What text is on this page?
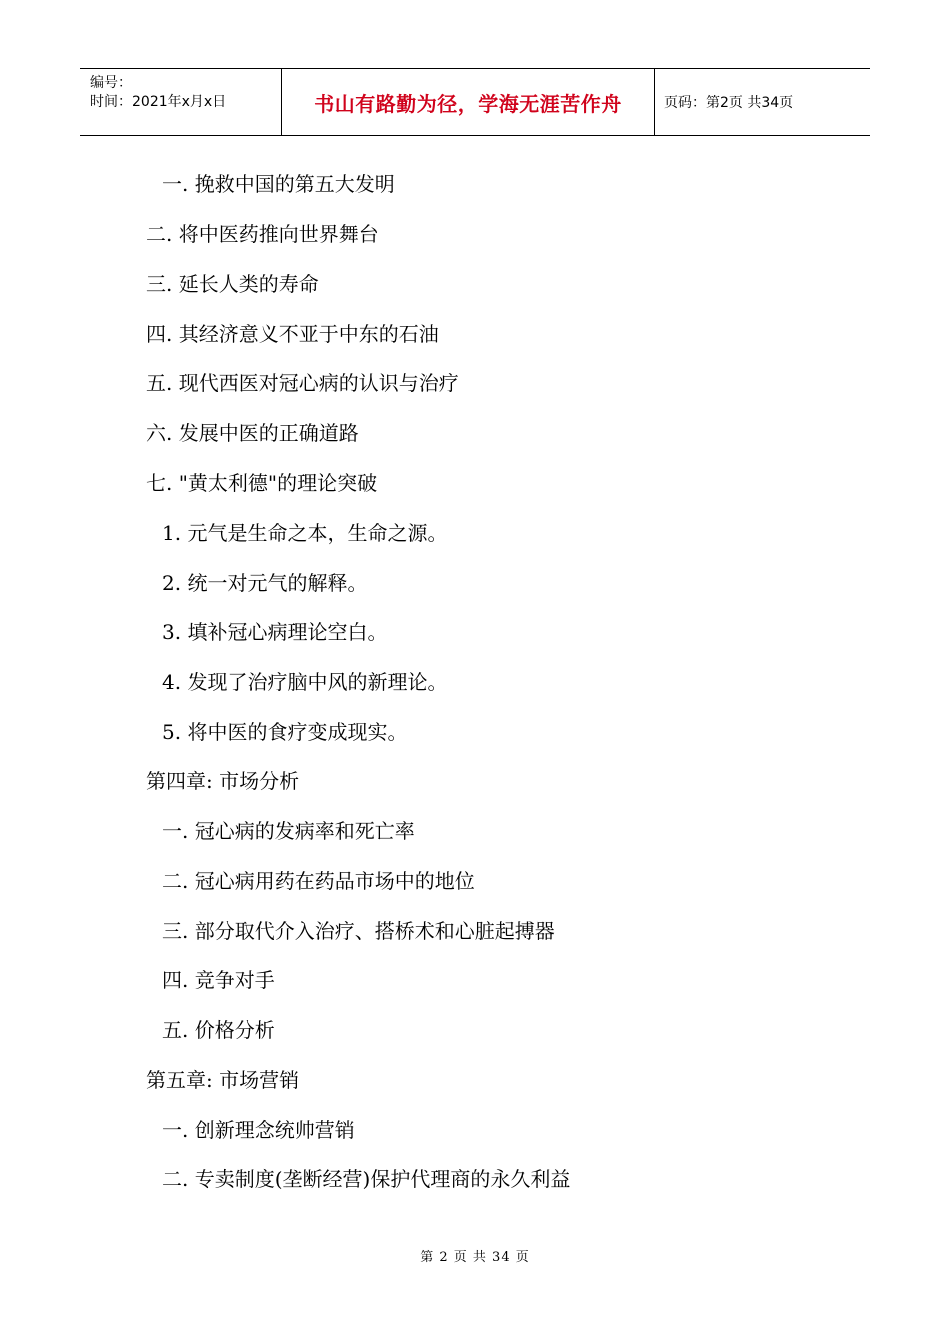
编号：
时间：2021年x月x日	书山有路勤为径，学海无涯苦作舟	页码：第2页 共34页
一. 挽救中国的第五大发明
二. 将中医药推向世界舞台
三. 延长人类的寿命
四. 其经济意义不亚于中东的石油
五. 现代西医对冠心病的认识与治疗
六. 发展中医的正确道路
七. "黄太利德"的理论突破
1. 元气是生命之本，生命之源。
2. 统一对元气的解释。
3. 填补冠心病理论空白。
4. 发现了治疗脑中风的新理论。
5. 将中医的食疗变成现实。
第四章: 市场分析
一. 冠心病的发病率和死亡率
二. 冠心病用药在药品市场中的地位
三. 部分取代介入治疗、搭桥术和心脏起搏器
四. 竞争对手
五. 价格分析
第五章: 市场营销
一. 创新理念统帅营销
二. 专卖制度(垄断经营)保护代理商的永久利益
第 2 页 共 34 页
